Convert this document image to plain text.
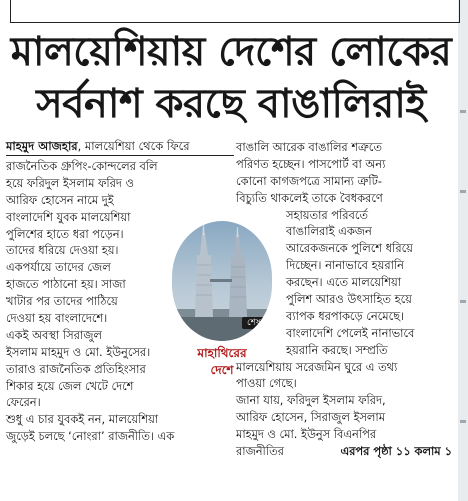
মালয়েশিয়ায় দেশের লোকের
সর্বনাশ করছে বাঙালিরাই
মাহমুদ আজহার, মালয়েশিয়া থেকে ফিরে
রাজনৈতিক গ্রুপিং-কোন্দলের বলি
হয়ে ফরিদুল ইসলাম ফরিদ ও
আরিফ হোসেন নামে দুই
বাংলাদেশি যুবক মালয়েশিয়া
পুলিশের হাতে ধরা পড়েন।
তাদের ধরিয়ে দেওয়া হয়।
একপর্যায়ে তাদের জেল
হাজতে পাঠানো হয়। সাজা
খাটার পর তাদের পাঠিয়ে
দেওয়া হয় বাংলাদেশে।
একই অবস্থা সিরাজুল
ইসলাম মাহমুদ ও মো. ইউনুসের।
তারাও রাজনৈতিক প্রতিহিংসার
শিকার হয়ে জেল খেটে দেশে
ফেরেন।
শুধু এ চার যুবকই নন, মালয়েশিয়া
জুড়েই চলছে ‘নোংরা’ রাজনীতি। এক
শেষ
মাহাথিরের
দেশে
বাঙালি আরেক বাঙালির শত্রুতে
পরিণত হচ্ছেন। পাসপোর্ট বা অন্য
কোনো কাগজপত্রে সামান্য ত্রুটি-
বিচ্যুতি থাকলেই তাকে বৈধকরণে
সহায়তার পরিবর্তে
বাঙালিরাই একজন
আরেকজনকে পুলিশে ধরিয়ে
দিচ্ছেন। নানাভাবে হয়রানি
করছেন। এতে মালয়েশিয়া
পুলিশ আরও উৎসাহিত হয়ে
ব্যাপক ধরপাকড়ে নেমেছে।
বাংলাদেশি পেলেই নানাভাবে
হয়রানি করছে। সম্প্রতি
মালয়েশিয়ায় সরেজমিন ঘুরে এ তথ্য
পাওয়া গেছে।
জানা যায়, ফরিদুল ইসলাম ফরিদ,
আরিফ হোসেন, সিরাজুল ইসলাম
মাহমুদ ও মো. ইউনুস বিএনপির
রাজনীতির	এরপর পৃষ্ঠা ১১ কলাম ১
